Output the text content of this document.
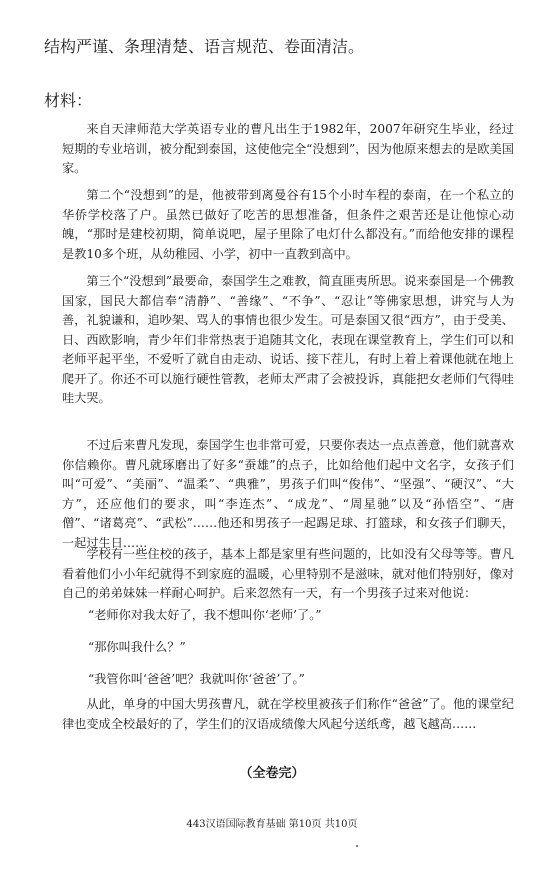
结构严谨、条理清楚、语言规范、卷面清洁。
材料：

来自天津师范大学英语专业的曹凡出生于1982年，2007年研究生毕业，经过短期的专业培训，被分配到泰国，这使他完全“没想到”，因为他原来想去的是欧美国家。

第二个“没想到”的是，他被带到离曼谷有15个小时车程的泰南，在一个私立的华侨学校落了户。虽然已做好了吃苦的思想准备，但条件之艰苦还是让他惊心动魄，“那时是建校初期，简单说吧，屋子里除了电灯什么都没有。”而给他安排的课程是教10多个班，从幼稚园、小学，初中一直教到高中。

第三个“没想到”最要命，泰国学生之难教，简直匪夷所思。说来泰国是一个佛教国家，国民大都信奉“清静”、“善缘”、“不争”、“忍让”等佛家思想，讲究与人为善，礼貌谦和，追吵架、骂人的事情也很少发生。可是泰国又很“西方”，由于受美、日、西欧影响，青少年们非常热衷于追随其文化，表现在课堂教育上，学生们可以和老师平起平坐，不爱听了就自由走动、说话、接下茬儿，有时上着上着课他就在地上爬开了。你还不可以施行硬性管教，老师太严肃了会被投诉，真能把女老师们气得哇哇大哭。

不过后来曹凡发现，泰国学生也非常可爱，只要你表达一点点善意，他们就喜欢你信赖你。曹凡就琢磨出了好多“蚕雄”的点子，比如给他们起中文名字，女孩子们叫“可爱”、“美丽”、“温柔”、“典雅”，男孩子们叫“俊伟”、“坚强”、“硬汉”、“大方”，还应他们的要求，叫“李连杰”、“成龙”、“周星驰”以及“孙悟空”、“唐僧”、“诸葛亮”、“武松”……他还和男孩子一起踢足球、打篮球，和女孩子们聊天，一起过生日……

学校有一些住校的孩子，基本上都是家里有些问题的，比如没有父母等等。曹凡看着他们小小年纪就得不到家庭的温暖，心里特别不是滋味，就对他们特别好，像对自己的弟弟妹妹一样耐心呵护。后来忽然有一天，有一个男孩子过来对他说：

“老师你对我太好了，我不想叫你‘老师’了。”
“那你叫我什么？”
“我管你叫‘爸爸’吧？我就叫你‘爸爸’了。”

从此，单身的中国大男孩曹凡，就在学校里被孩子们称作“爸爸”了。他的课堂纪律也变成全校最好的了，学生们的汉语成绩像大风起兮送纸鸢，越飞越高……

（全卷完）
443汉语国际教育基础 第10页 共10页
